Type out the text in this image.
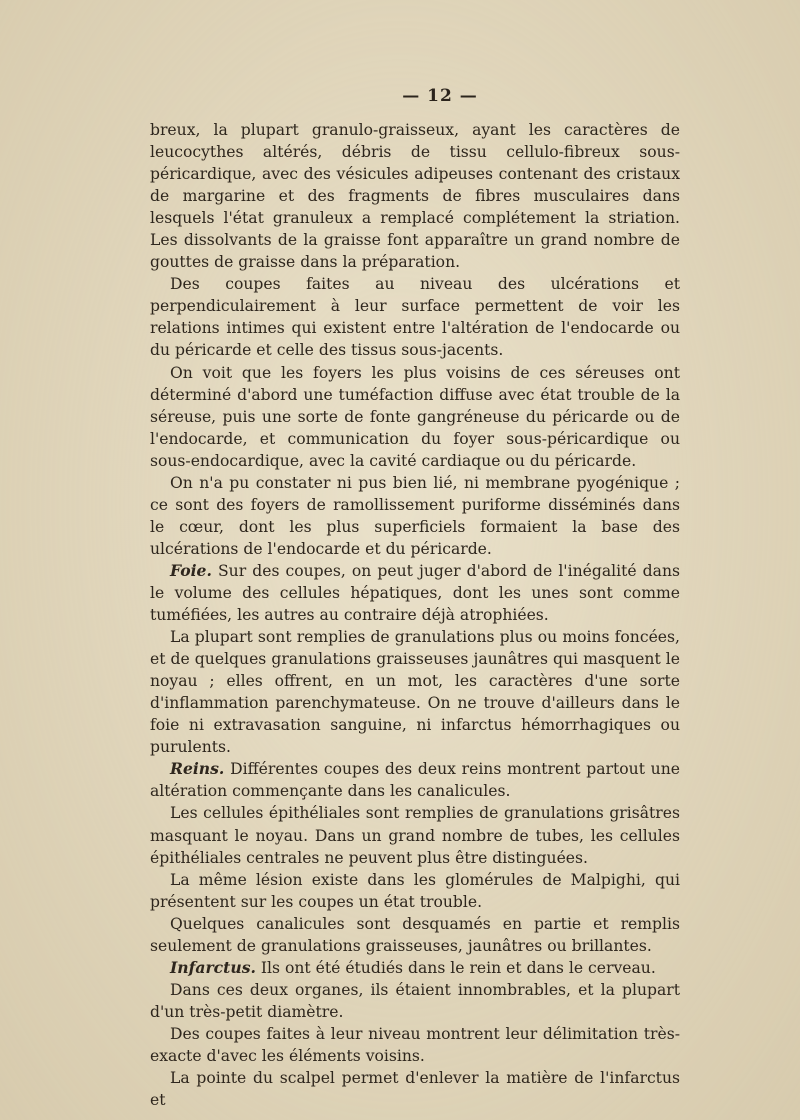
— 12 —

breux, la plupart granulo-graisseux, ayant les caractères de leucocythes altérés, débris de tissu cellulo-fibreux sous-péricardique, avec des vésicules adipeuses contenant des cristaux de margarine et des fragments de fibres musculaires dans lesquels l'état granuleux a remplacé complétement la striation. Les dissolvants de la graisse font apparaître un grand nombre de gouttes de graisse dans la préparation.

Des coupes faites au niveau des ulcérations et perpendiculairement à leur surface permettent de voir les relations intimes qui existent entre l'altération de l'endocarde ou du péricarde et celle des tissus sous-jacents.

On voit que les foyers les plus voisins de ces séreuses ont déterminé d'abord une tuméfaction diffuse avec état trouble de la séreuse, puis une sorte de fonte gangréneuse du péricarde ou de l'endocarde, et communication du foyer sous-péricardique ou sous-endocardique, avec la cavité cardiaque ou du péricarde.

On n'a pu constater ni pus bien lié, ni membrane pyogénique ; ce sont des foyers de ramollissement puriforme disséminés dans le cœur, dont les plus superficiels formaient la base des ulcérations de l'endocarde et du péricarde.

Foie. Sur des coupes, on peut juger d'abord de l'inégalité dans le volume des cellules hépatiques, dont les unes sont comme tuméfiées, les autres au contraire déjà atrophiées.

La plupart sont remplies de granulations plus ou moins foncées, et de quelques granulations graisseuses jaunâtres qui masquent le noyau ; elles offrent, en un mot, les caractères d'une sorte d'inflammation parenchymateuse. On ne trouve d'ailleurs dans le foie ni extravasation sanguine, ni infarctus hémorrhagiques ou purulents.

Reins. Différentes coupes des deux reins montrent partout une altération commençante dans les canalicules.

Les cellules épithéliales sont remplies de granulations grisâtres masquant le noyau. Dans un grand nombre de tubes, les cellules épithéliales centrales ne peuvent plus être distinguées.

La même lésion existe dans les glomérules de Malpighi, qui présentent sur les coupes un état trouble.

Quelques canalicules sont desquamés en partie et remplis seulement de granulations graisseuses, jaunâtres ou brillantes.

Infarctus. Ils ont été étudiés dans le rein et dans le cerveau.

Dans ces deux organes, ils étaient innombrables, et la plupart d'un très-petit diamètre.

Des coupes faites à leur niveau montrent leur délimitation très-exacte d'avec les éléments voisins.

La pointe du scalpel permet d'enlever la matière de l'infarctus et
